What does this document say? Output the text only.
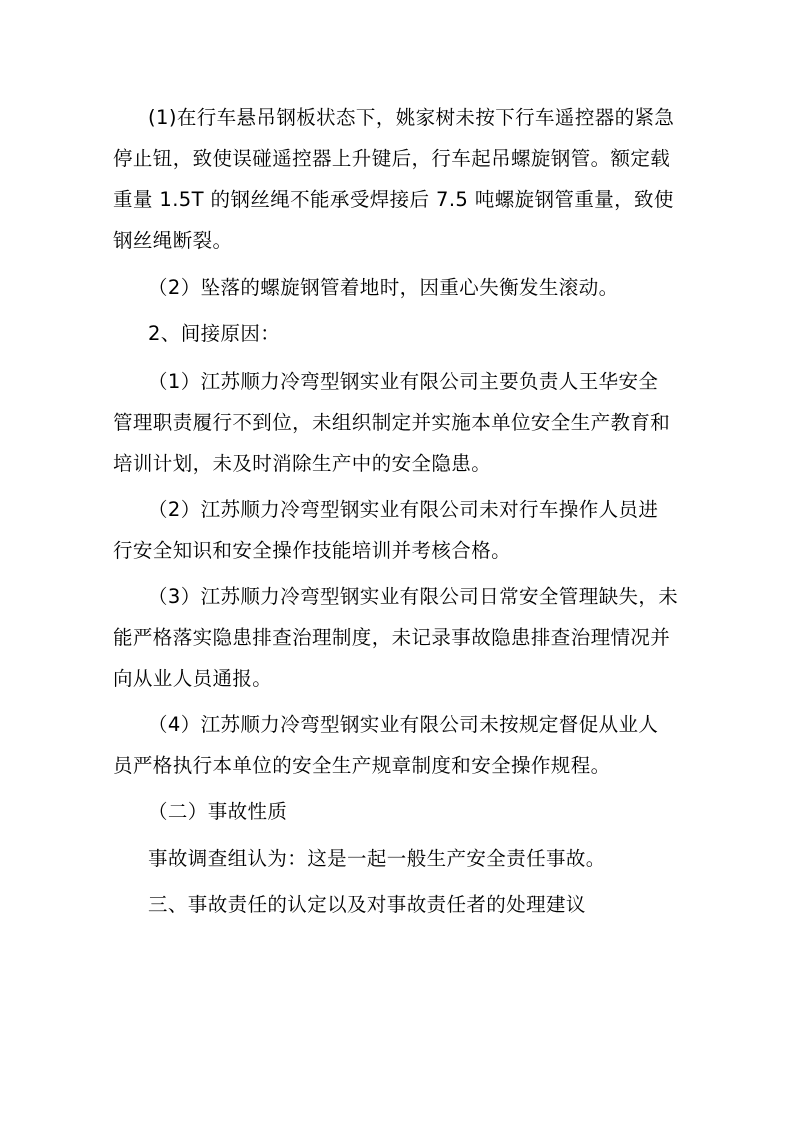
(1)在行车悬吊钢板状态下，姚家树未按下行车遥控器的紧急
停止钮，致使误碰遥控器上升键后，行车起吊螺旋钢管。额定载
重量 1.5T 的钢丝绳不能承受焊接后 7.5 吨螺旋钢管重量，致使
钢丝绳断裂。
（2）坠落的螺旋钢管着地时，因重心失衡发生滚动。
2、间接原因：
（1）江苏顺力冷弯型钢实业有限公司主要负责人王华安全
管理职责履行不到位，未组织制定并实施本单位安全生产教育和
培训计划，未及时消除生产中的安全隐患。
（2）江苏顺力冷弯型钢实业有限公司未对行车操作人员进
行安全知识和安全操作技能培训并考核合格。
（3）江苏顺力冷弯型钢实业有限公司日常安全管理缺失，未
能严格落实隐患排查治理制度，未记录事故隐患排查治理情况并
向从业人员通报。
（4）江苏顺力冷弯型钢实业有限公司未按规定督促从业人
员严格执行本单位的安全生产规章制度和安全操作规程。
（二）事故性质
事故调查组认为：这是一起一般生产安全责任事故。
三、事故责任的认定以及对事故责任者的处理建议
